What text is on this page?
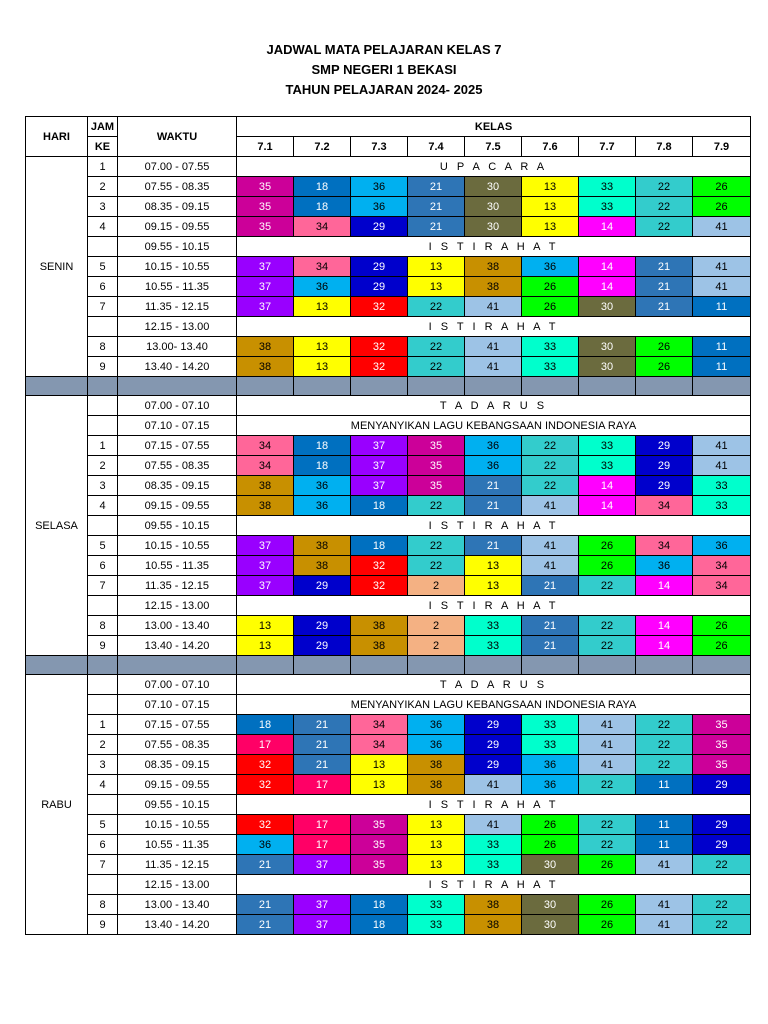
JADWAL MATA PELAJARAN KELAS 7
SMP NEGERI 1 BEKASI
TAHUN PELAJARAN 2024- 2025
HARI	JAM	WAKTU	KELAS								
	KE		7.1	7.2	7.3	7.4	7.5	7.6	7.7	7.8	7.9
SENIN	1	07.00 - 07.55	U P A C A R A								
	2	07.55 - 08.35	35	18	36	21	30	13	33	22	26
	3	08.35 - 09.15	35	18	36	21	30	13	33	22	26
	4	09.15 - 09.55	35	34	29	21	30	13	14	22	41
		09.55 - 10.15	I S T I R A H A T								
	5	10.15 - 10.55	37	34	29	13	38	36	14	21	41
	6	10.55 - 11.35	37	36	29	13	38	26	14	21	41
	7	11.35 - 12.15	37	13	32	22	41	26	30	21	11
		12.15 - 13.00	I S T I R A H A T								
	8	13.00- 13.40	38	13	32	22	41	33	30	26	11
	9	13.40 - 14.20	38	13	32	22	41	33	30	26	11

SELASA		07.00 - 07.10	T A D A R U S								
		07.10 - 07.15	MENYANYIKAN LAGU KEBANGSAAN INDONESIA RAYA								
	1	07.15 - 07.55	34	18	37	35	36	22	33	29	41
	2	07.55 - 08.35	34	18	37	35	36	22	33	29	41
	3	08.35 - 09.15	38	36	37	35	21	22	14	29	33
	4	09.15 - 09.55	38	36	18	22	21	41	14	34	33
		09.55 - 10.15	I S T I R A H A T								
	5	10.15 - 10.55	37	38	18	22	21	41	26	34	36
	6	10.55 - 11.35	37	38	32	22	13	41	26	36	34
	7	11.35 - 12.15	37	29	32	2	13	21	22	14	34
		12.15 - 13.00	I S T I R A H A T								
	8	13.00 - 13.40	13	29	38	2	33	21	22	14	26
	9	13.40 - 14.20	13	29	38	2	33	21	22	14	26

RABU		07.00 - 07.10	T A D A R U S								
		07.10 - 07.15	MENYANYIKAN LAGU KEBANGSAAN INDONESIA RAYA								
	1	07.15 - 07.55	18	21	34	36	29	33	41	22	35
	2	07.55 - 08.35	17	21	34	36	29	33	41	22	35
	3	08.35 - 09.15	32	21	13	38	29	36	41	22	35
	4	09.15 - 09.55	32	17	13	38	41	36	22	11	29
		09.55 - 10.15	I S T I R A H A T								
	5	10.15 - 10.55	32	17	35	13	41	26	22	11	29
	6	10.55 - 11.35	36	17	35	13	33	26	22	11	29
	7	11.35 - 12.15	21	37	35	13	33	30	26	41	22
		12.15 - 13.00	I S T I R A H A T								
	8	13.00 - 13.40	21	37	18	33	38	30	26	41	22
	9	13.40 - 14.20	21	37	18	33	38	30	26	41	22
